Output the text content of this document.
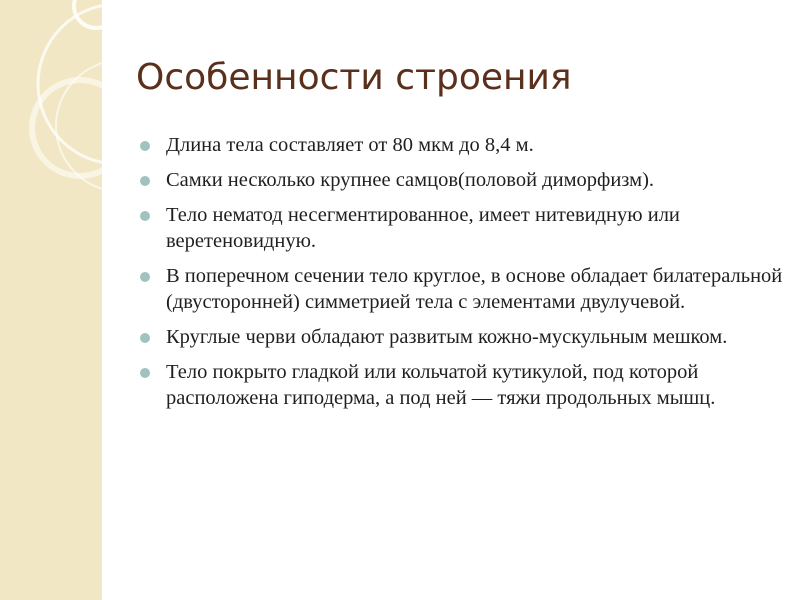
Особенности строения
Длина тела составляет от 80 мкм до 8,4 м.
Самки несколько крупнее самцов(половой диморфизм).
Тело нематод несегментированное, имеет нитевидную или веретеновидную.
В поперечном сечении тело круглое, в основе обладает билатеральной (двусторонней) симметрией тела с элементами двулучевой.
Круглые черви обладают развитым кожно-мускульным мешком.
Тело покрыто гладкой или кольчатой кутикулой, под которой расположена гиподерма, а под ней — тяжи продольных мышц.
